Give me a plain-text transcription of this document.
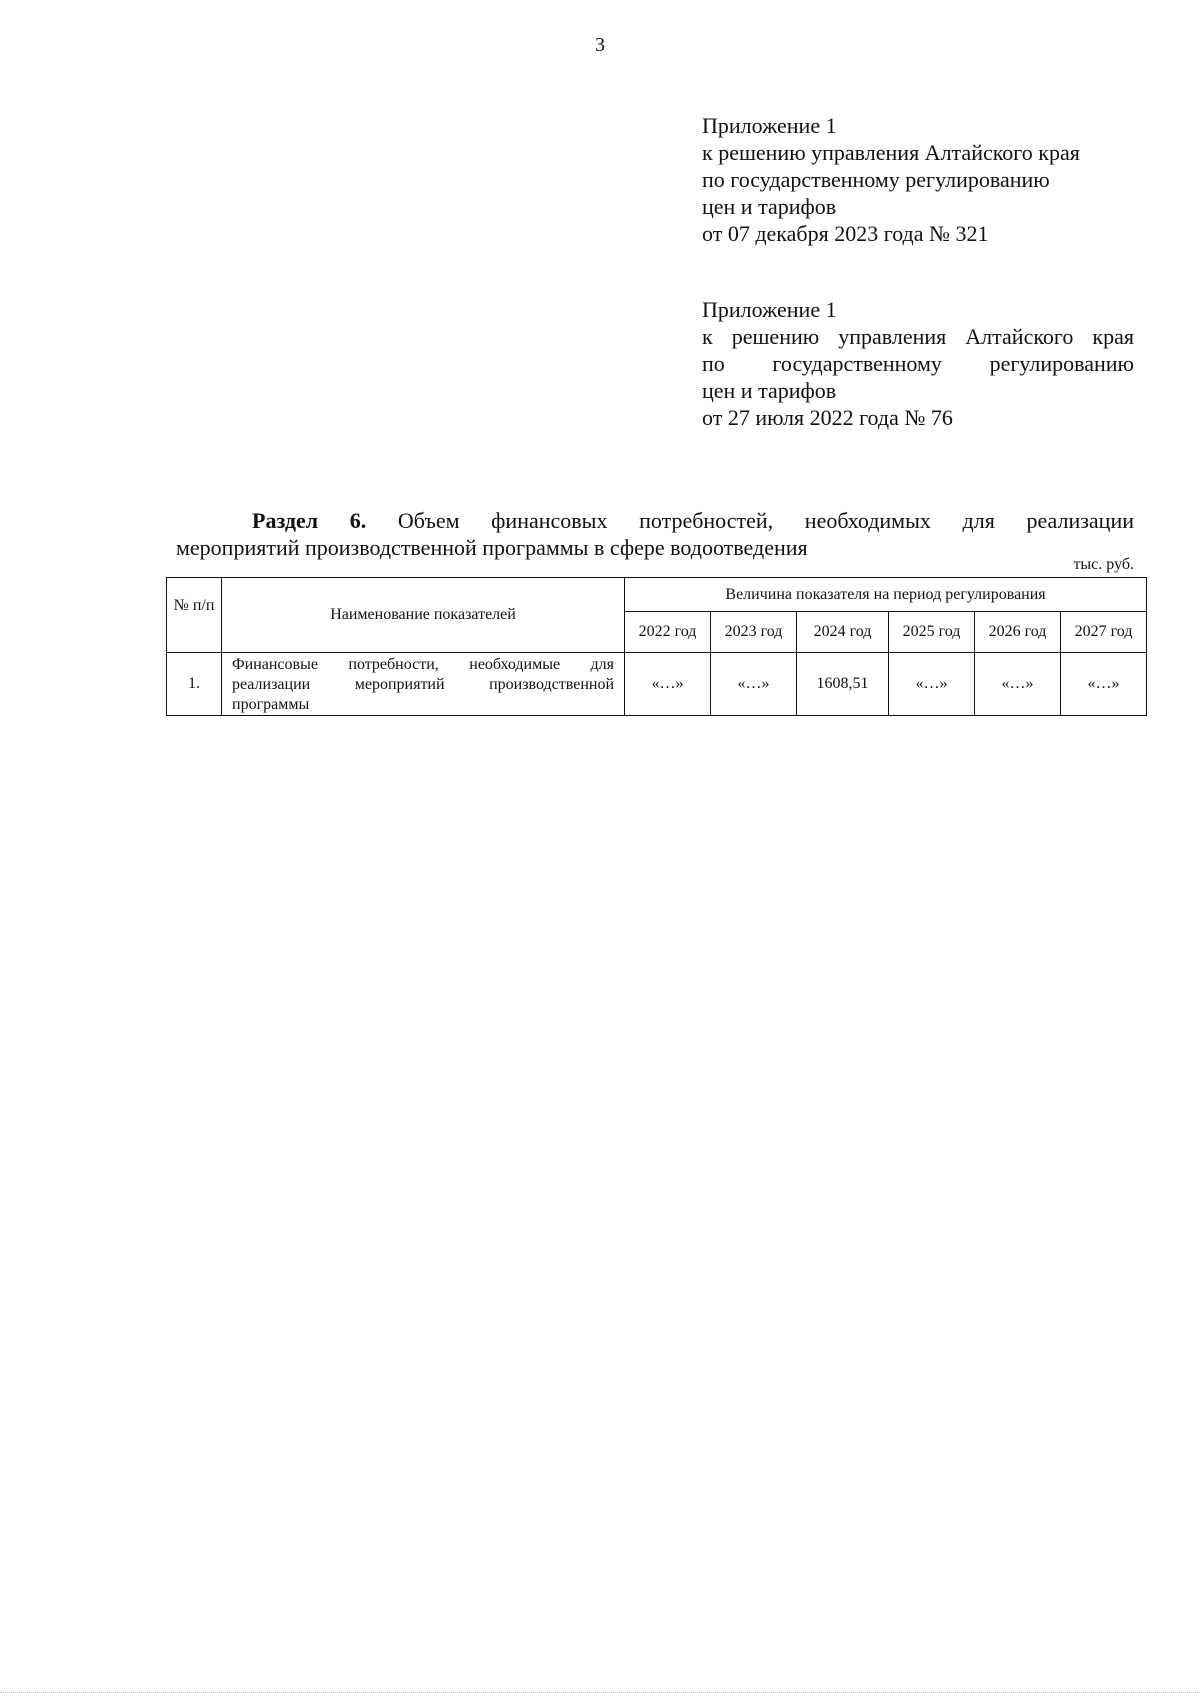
3
Приложение 1
к решению управления Алтайского края
по государственному регулированию
цен и тарифов
от 07 декабря 2023 года № 321
Приложение 1
к решению управления Алтайского края
по государственному регулированию
цен и тарифов
от 27 июля 2022 года № 76
Раздел 6. Объем финансовых потребностей, необходимых для реализации
мероприятий производственной программы в сфере водоотведения
тыс. руб.
№ п/п	Наименование показателей	Величина показателя на период регулирования					
		2022 год	2023 год	2024 год	2025 год	2026 год	2027 год
1.	Финансовые потребности, необходимые для реализации мероприятий производственной программы	«…»	«…»	1608,51	«…»	«…»	«…»
